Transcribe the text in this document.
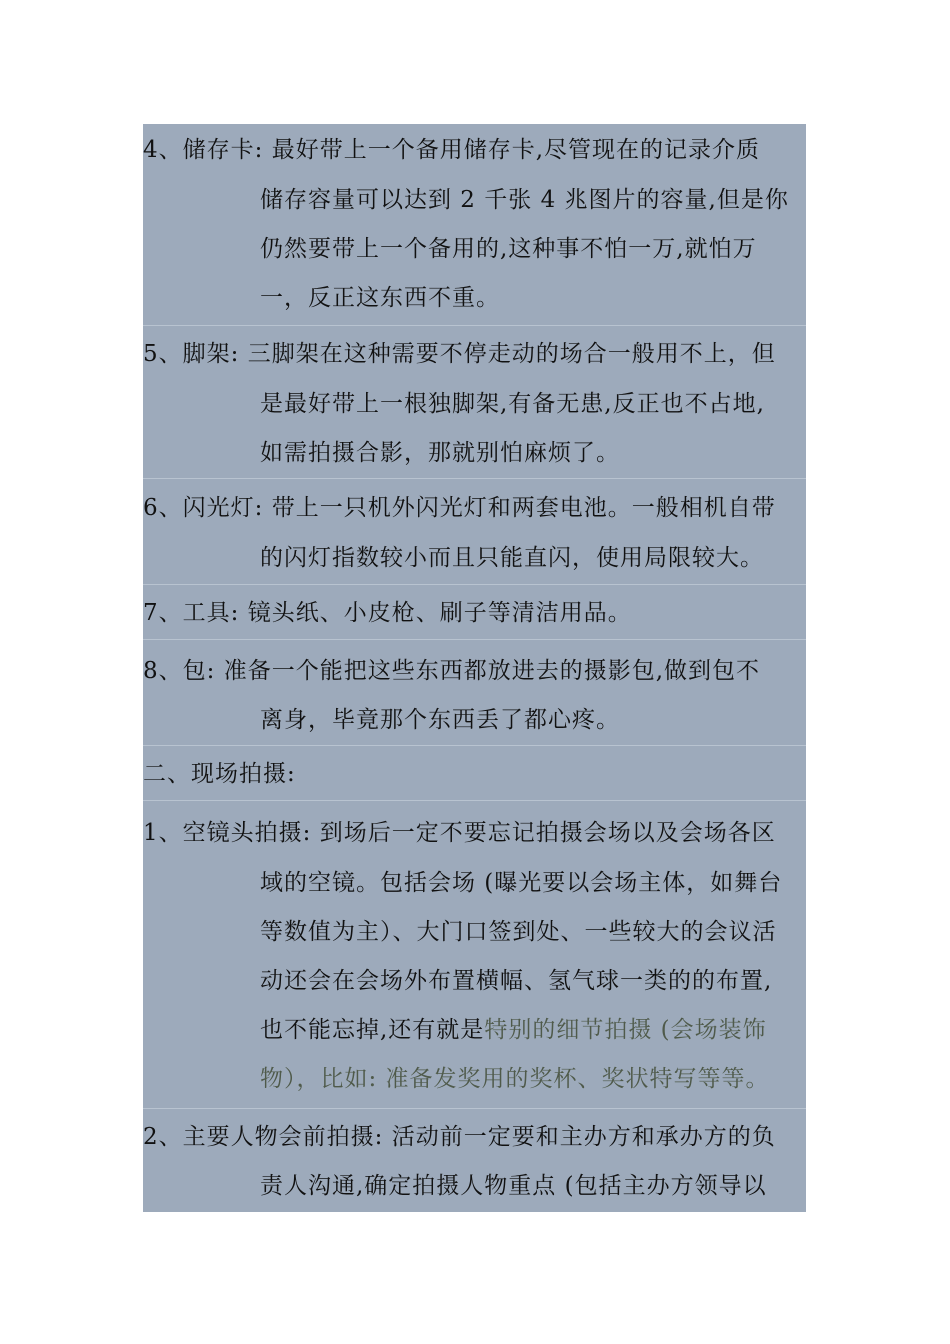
4、储存卡: 最好带上一个备用储存卡,尽管现在的记录介质
储存容量可以达到 2 千张 4 兆图片的容量,但是你
仍然要带上一个备用的,这种事不怕一万,就怕万
一，反正这东西不重。
5、脚架: 三脚架在这种需要不停走动的场合一般用不上，但
是最好带上一根独脚架,有备无患,反正也不占地,
如需拍摄合影，那就别怕麻烦了。
6、闪光灯: 带上一只机外闪光灯和两套电池。一般相机自带
的闪灯指数较小而且只能直闪，使用局限较大。
7、工具: 镜头纸、小皮枪、刷子等清洁用品。
8、包: 准备一个能把这些东西都放进去的摄影包,做到包不
离身，毕竟那个东西丢了都心疼。
二、现场拍摄:
1、空镜头拍摄: 到场后一定不要忘记拍摄会场以及会场各区
域的空镜。包括会场 (曝光要以会场主体，如舞台
等数值为主）、大门口签到处、一些较大的会议活
动还会在会场外布置横幅、氢气球一类的的布置,
也不能忘掉,还有就是特别的细节拍摄 (会场装饰
物），比如: 准备发奖用的奖杯、奖状特写等等。
2、主要人物会前拍摄: 活动前一定要和主办方和承办方的负
责人沟通,确定拍摄人物重点 (包括主办方领导以
